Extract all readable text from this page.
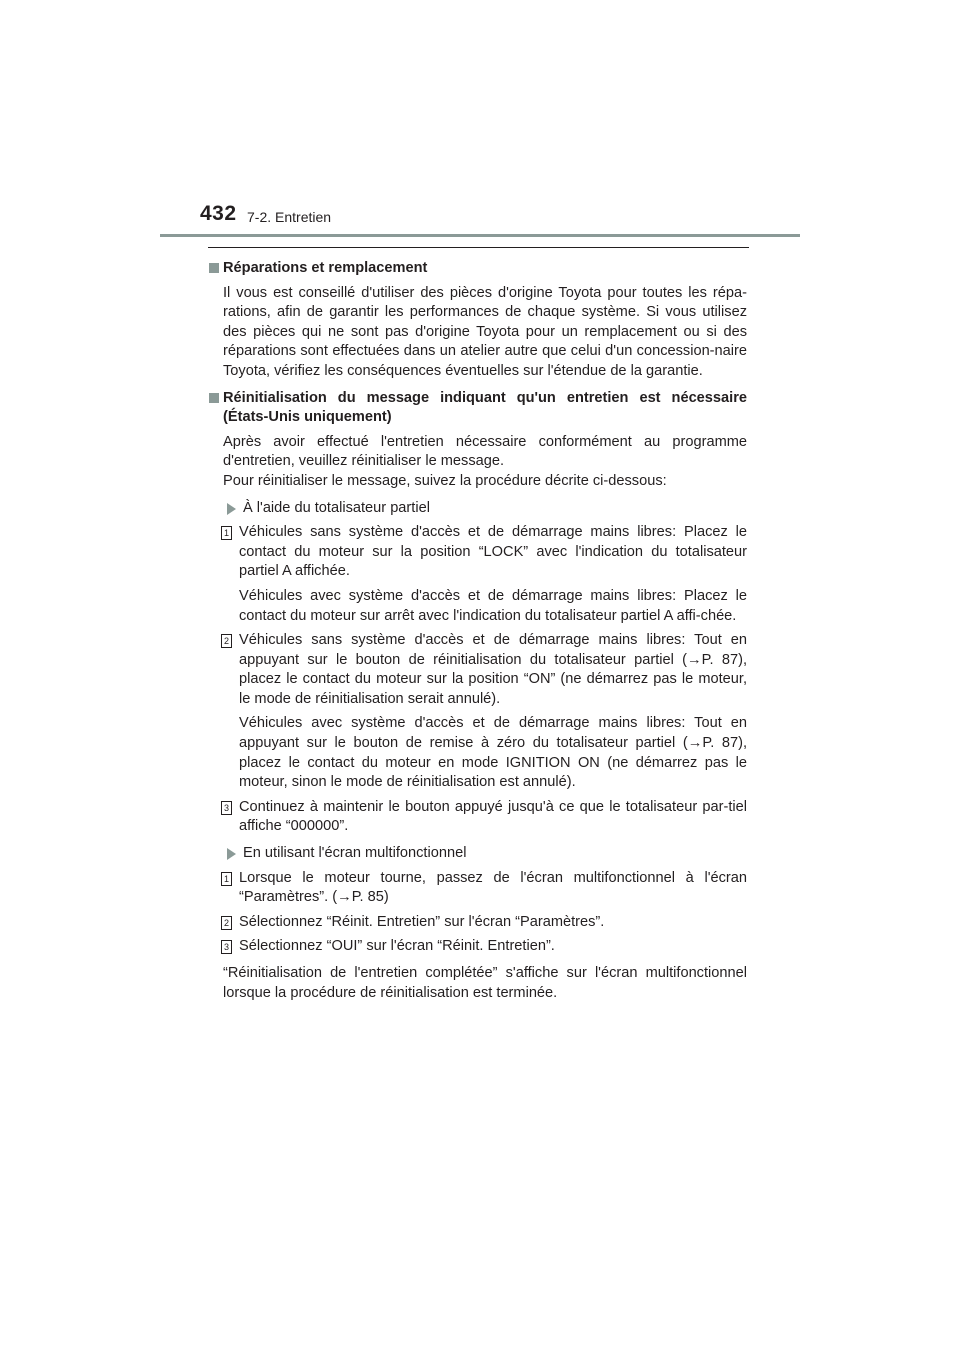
432 7-2. Entretien
Réparations et remplacement

Il vous est conseillé d'utiliser des pièces d'origine Toyota pour toutes les répa-rations, afin de garantir les performances de chaque système. Si vous utilisez des pièces qui ne sont pas d'origine Toyota pour un remplacement ou si des réparations sont effectuées dans un atelier autre que celui d'un concession-naire Toyota, vérifiez les conséquences éventuelles sur l'étendue de la garantie.

Réinitialisation du message indiquant qu'un entretien est nécessaire (États-Unis uniquement)

Après avoir effectué l'entretien nécessaire conformément au programme d'entretien, veuillez réinitialiser le message.

Pour réinitialiser le message, suivez la procédure décrite ci-dessous:

À l'aide du totalisateur partiel
1 Véhicules sans système d'accès et de démarrage mains libres: Placez le contact du moteur sur la position “LOCK” avec l'indication du totalisateur partiel A affichée.

Véhicules avec système d'accès et de démarrage mains libres: Placez le contact du moteur sur arrêt avec l'indication du totalisateur partiel A affi-chée.

2 Véhicules sans système d'accès et de démarrage mains libres: Tout en appuyant sur le bouton de réinitialisation du totalisateur partiel (→P. 87), placez le contact du moteur sur la position “ON” (ne démarrez pas le moteur, le mode de réinitialisation serait annulé).

Véhicules avec système d'accès et de démarrage mains libres: Tout en appuyant sur le bouton de remise à zéro du totalisateur partiel (→P. 87), placez le contact du moteur en mode IGNITION ON (ne démarrez pas le moteur, sinon le mode de réinitialisation est annulé).

3 Continuez à maintenir le bouton appuyé jusqu'à ce que le totalisateur par-tiel affiche “000000”.
En utilisant l'écran multifonctionnel
1 Lorsque le moteur tourne, passez de l'écran multifonctionnel à l'écran “Paramètres”. (→P. 85)
2 Sélectionnez “Réinit. Entretien” sur l'écran “Paramètres”.
3 Sélectionnez “OUI” sur l'écran “Réinit. Entretien”.

“Réinitialisation de l'entretien complétée” s'affiche sur l'écran multifonctionnel lorsque la procédure de réinitialisation est terminée.
